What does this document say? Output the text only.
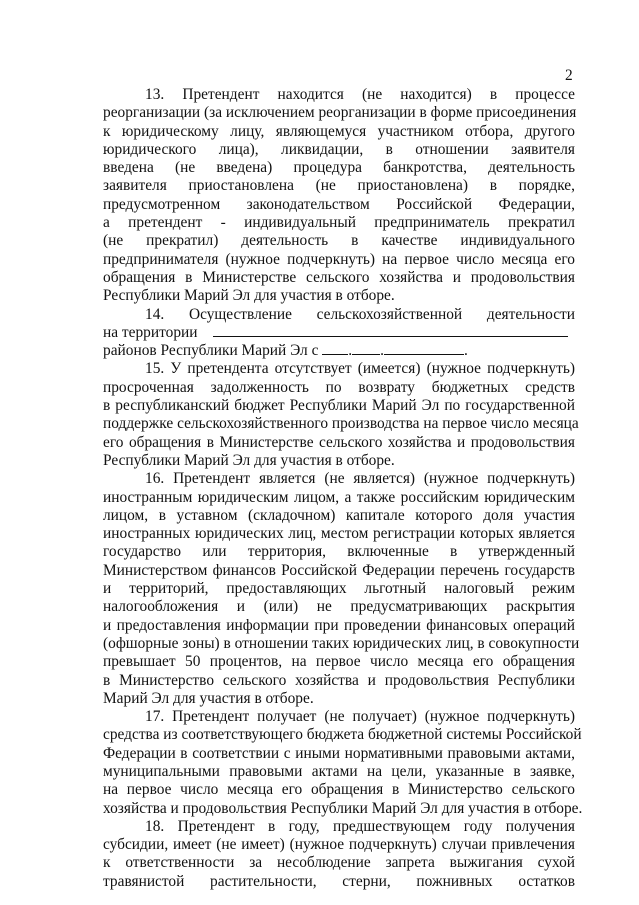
2
13. Претендент находится (не находится) в процессе
реорганизации (за исключением реорганизации в форме присоединения
к юридическому лицу, являющемуся участником отбора, другого
юридического лица), ликвидации, в отношении заявителя
введена (не введена) процедура банкротства, деятельность
заявителя приостановлена (не приостановлена) в порядке,
предусмотренном законодательством Российской Федерации,
а претендент - индивидуальный предприниматель прекратил
(не прекратил) деятельность в качестве индивидуального
предпринимателя (нужное подчеркнуть) на первое число месяца его
обращения в Министерстве сельского хозяйства и продовольствия
Республики Марий Эл для участия в отборе.
14. Осуществление сельскохозяйственной деятельности
на территории
районов Республики Марий Эл с . .	.
15. У претендента отсутствует (имеется) (нужное подчеркнуть)
просроченная задолженность по возврату бюджетных средств
в республиканский бюджет Республики Марий Эл по государственной
поддержке сельскохозяйственного производства на первое число месяца
его обращения в Министерстве сельского хозяйства и продовольствия
Республики Марий Эл для участия в отборе.
16. Претендент является (не является) (нужное подчеркнуть)
иностранным юридическим лицом, а также российским юридическим
лицом, в уставном (складочном) капитале которого доля участия
иностранных юридических лиц, местом регистрации которых является
государство или территория, включенные в утвержденный
Министерством финансов Российской Федерации перечень государств
и территорий, предоставляющих льготный налоговый режим
налогообложения и (или) не предусматривающих раскрытия
и предоставления информации при проведении финансовых операций
(офшорные зоны) в отношении таких юридических лиц, в совокупности
превышает 50 процентов, на первое число месяца его обращения
в Министерство сельского хозяйства и продовольствия Республики
Марий Эл для участия в отборе.
17. Претендент получает (не получает) (нужное подчеркнуть)
средства из соответствующего бюджета бюджетной системы Российской
Федерации в соответствии с иными нормативными правовыми актами,
муниципальными правовыми актами на цели, указанные в заявке,
на первое число месяца его обращения в Министерство сельского
хозяйства и продовольствия Республики Марий Эл для участия в отборе.
18. Претендент в году, предшествующем году получения
субсидии, имеет (не имеет) (нужное подчеркнуть) случаи привлечения
к ответственности за несоблюдение запрета выжигания сухой
травянистой растительности, стерни, пожнивных остатков
